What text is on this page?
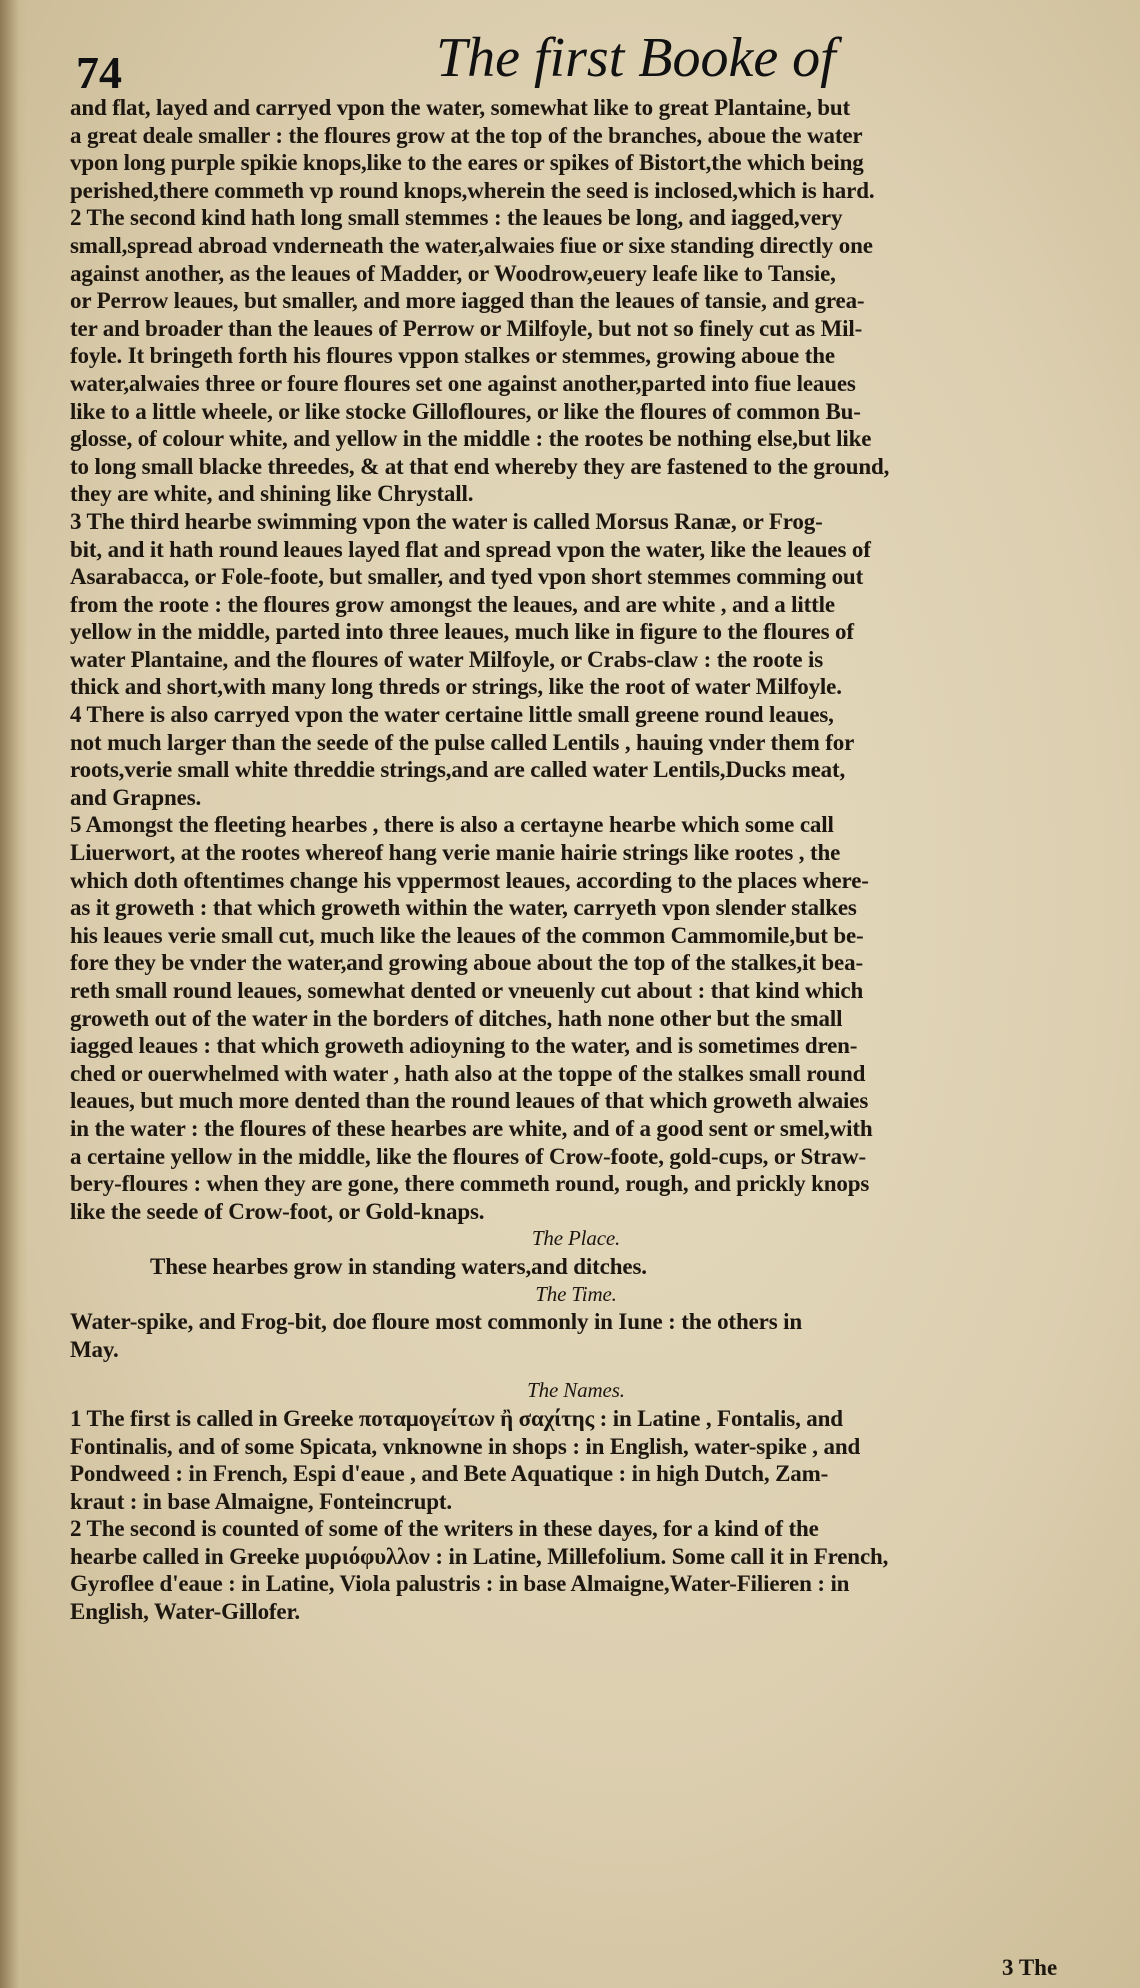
74	The first Booke of
and flat, layed and carryed vpon the water, somewhat like to great Plantaine, but
a great deale smaller : the floures grow at the top of the branches, aboue the water
vpon long purple spikie knops,like to the eares or spikes of Bistort,the which being
perished,there commeth vp round knops,wherein the seed is inclosed,which is hard.
2 The second kind hath long small stemmes : the leaues be long, and iagged,very
small,spread abroad vnderneath the water,alwaies fiue or sixe standing directly one
against another, as the leaues of Madder, or Woodrow,euery leafe like to Tansie,
or Perrow leaues, but smaller, and more iagged than the leaues of tansie, and grea-
ter and broader than the leaues of Perrow or Milfoyle, but not so finely cut as Mil-
foyle. It bringeth forth his floures vppon stalkes or stemmes, growing aboue the
water,alwaies three or foure floures set one against another,parted into fiue leaues
like to a little wheele, or like stocke Gillofloures, or like the floures of common Bu-
glosse, of colour white, and yellow in the middle : the rootes be nothing else,but like
to long small blacke threedes, & at that end whereby they are fastened to the ground,
they are white, and shining like Chrystall.
3 The third hearbe swimming vpon the water is called Morsus Ranæ, or Frog-
bit, and it hath round leaues layed flat and spread vpon the water, like the leaues of
Asarabacca, or Fole-foote, but smaller, and tyed vpon short stemmes comming out
from the roote : the floures grow amongst the leaues, and are white , and a little
yellow in the middle, parted into three leaues, much like in figure to the floures of
water Plantaine, and the floures of water Milfoyle, or Crabs-claw : the roote is
thick and short,with many long threds or strings, like the root of water Milfoyle.
4 There is also carryed vpon the water certaine little small greene round leaues,
not much larger than the seede of the pulse called Lentils , hauing vnder them for
roots,verie small white threddie strings,and are called water Lentils,Ducks meat,
and Grapnes.
5 Amongst the fleeting hearbes , there is also a certayne hearbe which some call
Liuerwort, at the rootes whereof hang verie manie hairie strings like rootes , the
which doth oftentimes change his vppermost leaues, according to the places where-
as it groweth : that which groweth within the water, carryeth vpon slender stalkes
his leaues verie small cut, much like the leaues of the common Cammomile,but be-
fore they be vnder the water,and growing aboue about the top of the stalkes,it bea-
reth small round leaues, somewhat dented or vneuenly cut about : that kind which
groweth out of the water in the borders of ditches, hath none other but the small
iagged leaues : that which groweth adioyning to the water, and is sometimes dren-
ched or ouerwhelmed with water , hath also at the toppe of the stalkes small round
leaues, but much more dented than the round leaues of that which groweth alwaies
in the water : the floures of these hearbes are white, and of a good sent or smel,with
a certaine yellow in the middle, like the floures of Crow-foote, gold-cups, or Straw-
bery-floures : when they are gone, there commeth round, rough, and prickly knops
like the seede of Crow-foot, or Gold-knaps.
The Place.
These hearbes grow in standing waters,and ditches.
The Time.
Water-spike, and Frog-bit, doe floure most commonly in Iune : the others in
May.
The Names.
1 The first is called in Greeke ποταμογείτων ἢ σαχίτης : in Latine , Fontalis, and
Fontinalis, and of some Spicata, vnknowne in shops : in English, water-spike , and
Pondweed : in French, Espi d'eaue , and Bete Aquatique : in high Dutch, Zam-
kraut : in base Almaigne, Fonteincrupt.
2 The second is counted of some of the writers in these dayes, for a kind of the
hearbe called in Greeke μυριόφυλλον : in Latine, Millefolium. Some call it in French,
Gyroflee d'eaue : in Latine, Viola palustris : in base Almaigne,Water-Filieren : in
English, Water-Gillofer.
3 The
